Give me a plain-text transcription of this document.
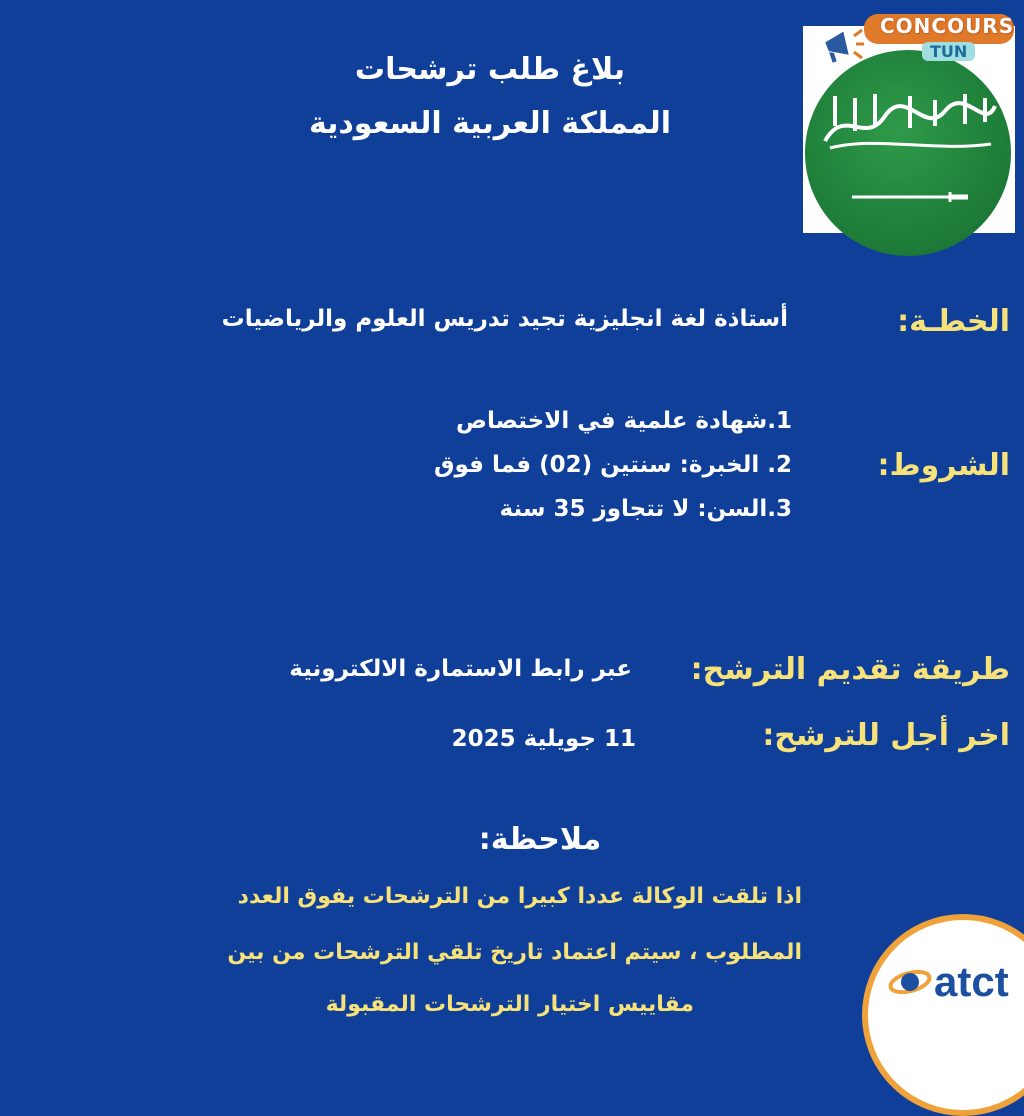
بلاغ طلب ترشحات
المملكة العربية السعودية
CONCOURS
TUN
الخطـة:
أستاذة لغة انجليزية تجيد تدريس العلوم والرياضيات
الشروط:
1.شهادة علمية في الاختصاص
2. الخبرة: سنتين (02) فما فوق
3.السن: لا تتجاوز 35 سنة
طريقة تقديم الترشح:
عبر رابط الاستمارة الالكترونية
اخر أجل للترشح:
11 جويلية 2025
ملاحظة:
اذا تلقت الوكالة عددا كبيرا من الترشحات يفوق العدد
المطلوب ، سيتم اعتماد تاريخ تلقي الترشحات من بين
مقاييس اختيار الترشحات المقبولة	atct
